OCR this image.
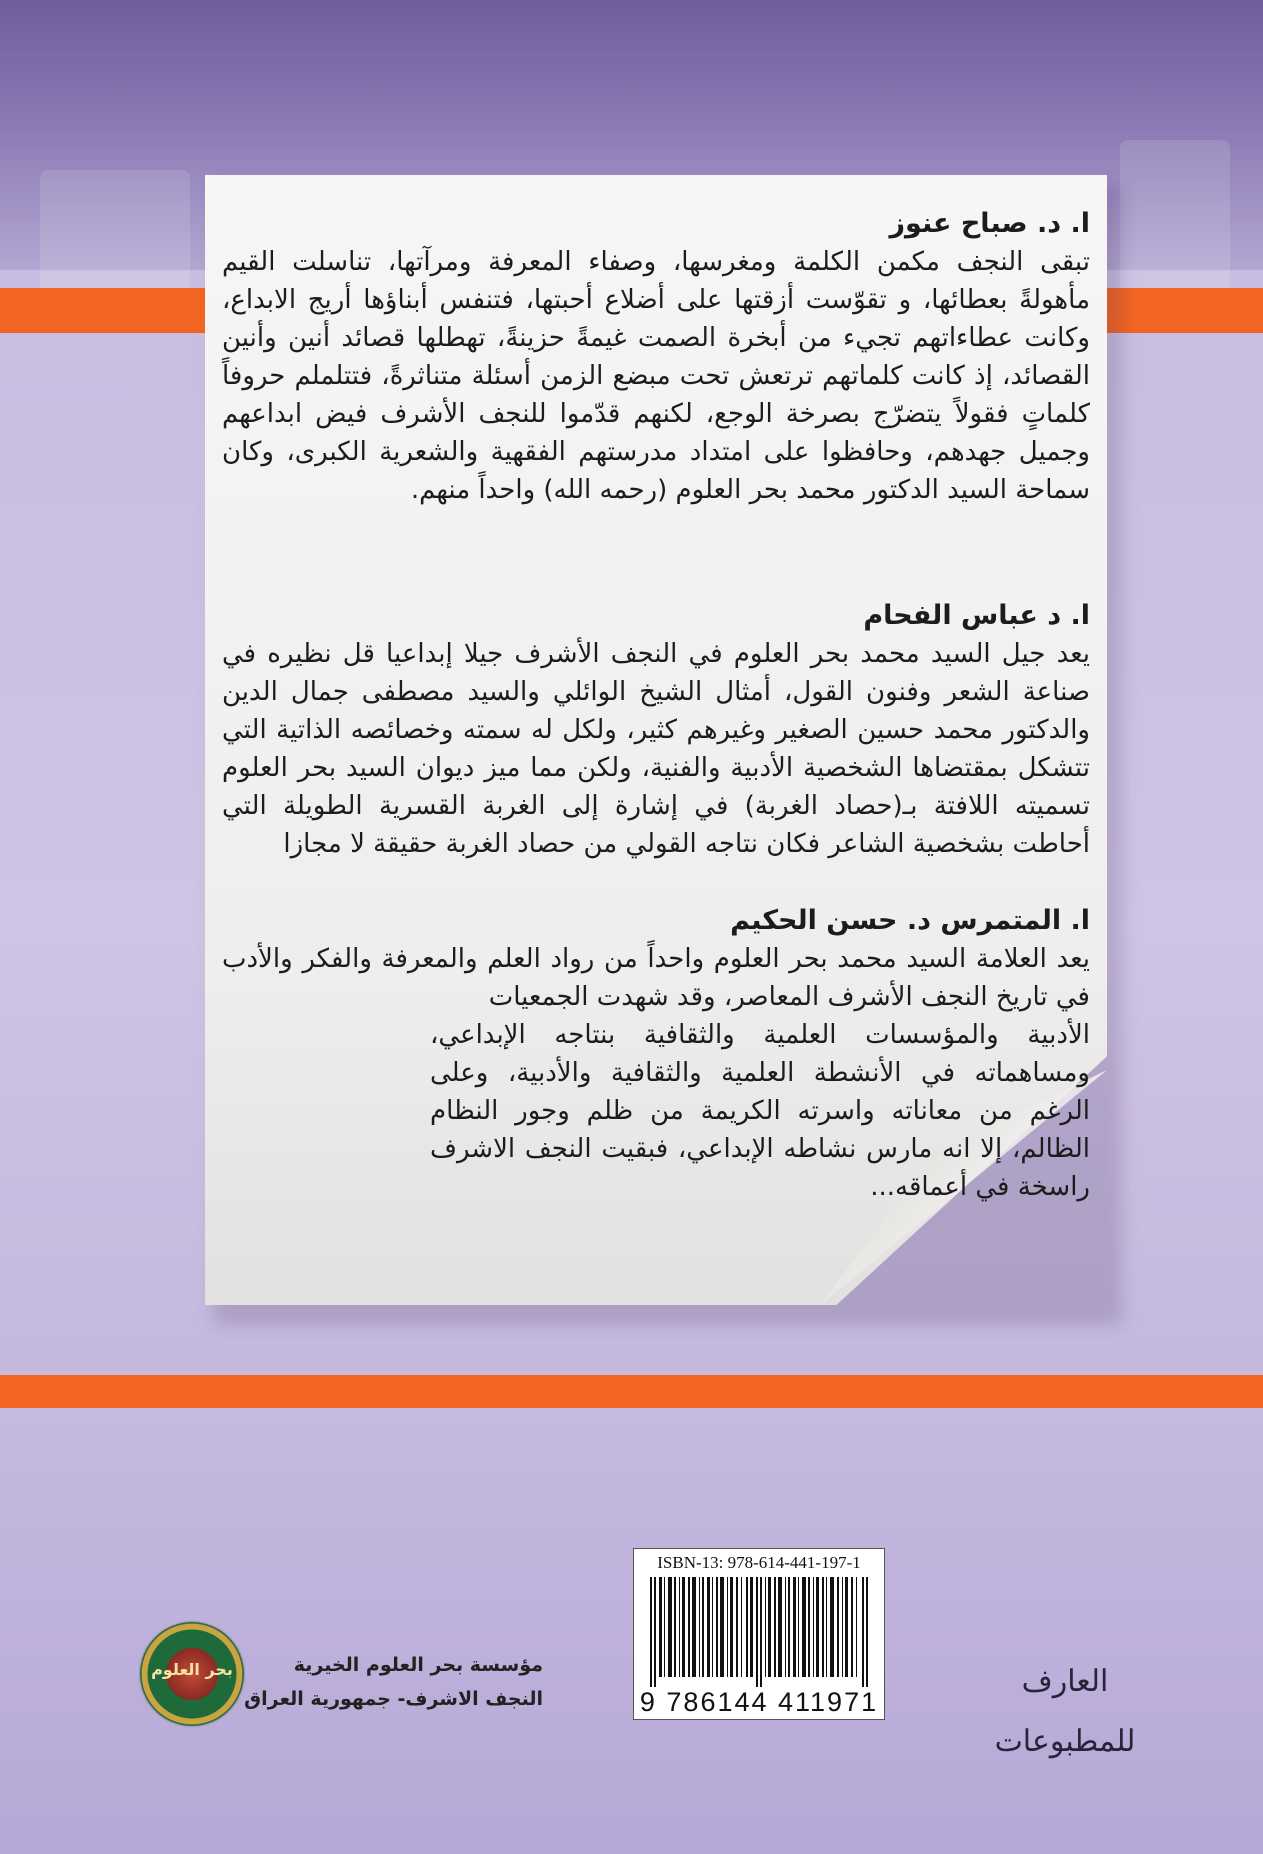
ا. د. صباح عنوز

تبقى النجف مكمن الكلمة ومغرسها، وصفاء المعرفة ومرآتها، تناسلت القيم مأهولةً بعطائها، و تقوّست أزقتها على أضلاع أحبتها، فتنفس أبناؤها أريج الابداع، وكانت عطاءاتهم تجيء من أبخرة الصمت غيمةً حزينةً، تهطلها قصائد أنين وأنين القصائد، إذ كانت كلماتهم ترتعش تحت مبضع الزمن أسئلة متناثرةً، فتتلملم حروفاً كلماتٍ فقولاً يتضرّج بصرخة الوجع، لكنهم قدّموا للنجف الأشرف فيض ابداعهم وجميل جهدهم، وحافظوا على امتداد مدرستهم الفقهية والشعرية الكبرى، وكان سماحة السيد الدكتور محمد بحر العلوم (رحمه الله) واحداً منهم.

ا. د عباس الفحام

يعد جيل السيد محمد بحر العلوم في النجف الأشرف جيلا إبداعيا قل نظيره في صناعة الشعر وفنون القول، أمثال الشيخ الوائلي والسيد مصطفى جمال الدين والدكتور محمد حسين الصغير وغيرهم كثير، ولكل له سمته وخصائصه الذاتية التي تتشكل بمقتضاها الشخصية الأدبية والفنية، ولكن مما ميز ديوان السيد بحر العلوم تسميته اللافتة بـ(حصاد الغربة) في إشارة إلى الغربة القسرية الطويلة التي أحاطت بشخصية الشاعر فكان نتاجه القولي من حصاد الغربة حقيقة لا مجازا

ا. المتمرس د. حسن الحكيم

يعد العلامة السيد محمد بحر العلوم واحداً من رواد العلم والمعرفة والفكر والأدب في تاريخ النجف الأشرف المعاصر، وقد شهدت الجمعيات

الأدبية والمؤسسات العلمية والثقافية بنتاجه الإبداعي، ومساهماته في الأنشطة العلمية والثقافية والأدبية، وعلى الرغم من معاناته واسرته الكريمة من ظلم وجور النظام الظالم، إلا انه مارس نشاطه الإبداعي، فبقيت النجف الاشرف راسخة في أعماقه...

ISBN-13: 978-614-441-197-1
9 786144 411971
مؤسسة بحر العلوم الخيرية
النجف الاشرف- جمهورية العراق
بحر العلوم	العارف للمطبوعات
